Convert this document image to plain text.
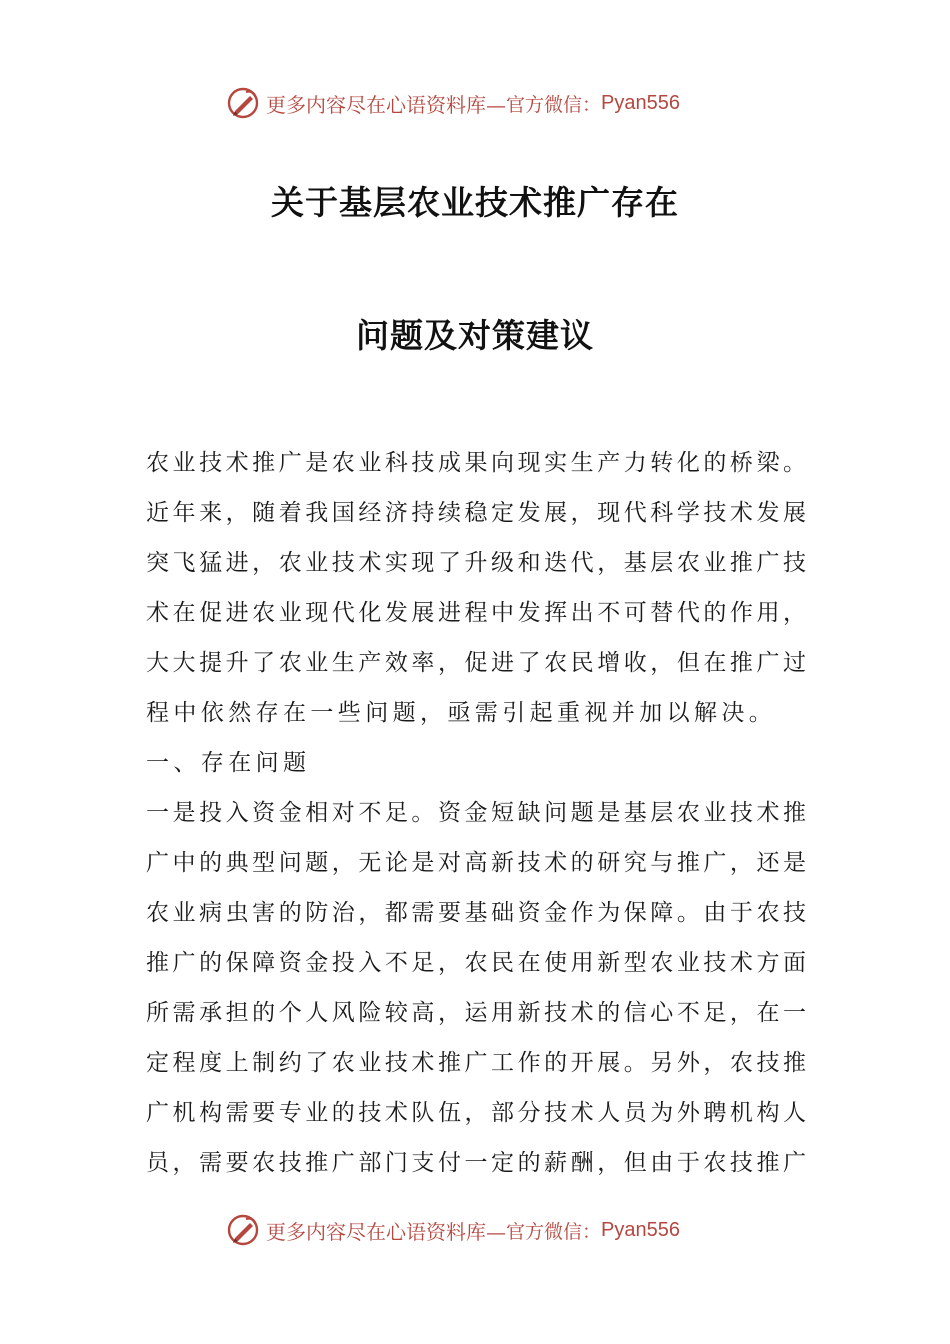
更多内容尽在心语资料库— 官方微信： Pyan556
关于基层农业技术推广存在
问题及对策建议
农业技术推广是农业科技成果向现实生产力转化的桥梁。
近年来，随着我国经济持续稳定发展，现代科学技术发展
突飞猛进，农业技术实现了升级和迭代，基层农业推广技
术在促进农业现代化发展进程中发挥出不可替代的作用，
大大提升了农业生产效率，促进了农民增收，但在推广过
程中依然存在一些问题，亟需引起重视并加以解决。
一、存在问题
一是投入资金相对不足。资金短缺问题是基层农业技术推
广中的典型问题，无论是对高新技术的研究与推广，还是
农业病虫害的防治，都需要基础资金作为保障。由于农技
推广的保障资金投入不足，农民在使用新型农业技术方面
所需承担的个人风险较高，运用新技术的信心不足，在一
定程度上制约了农业技术推广工作的开展。另外，农技推
广机构需要专业的技术队伍，部分技术人员为外聘机构人
员，需要农技推广部门支付一定的薪酬，但由于农技推广
更多内容尽在心语资料库— 官方微信： Pyan556
